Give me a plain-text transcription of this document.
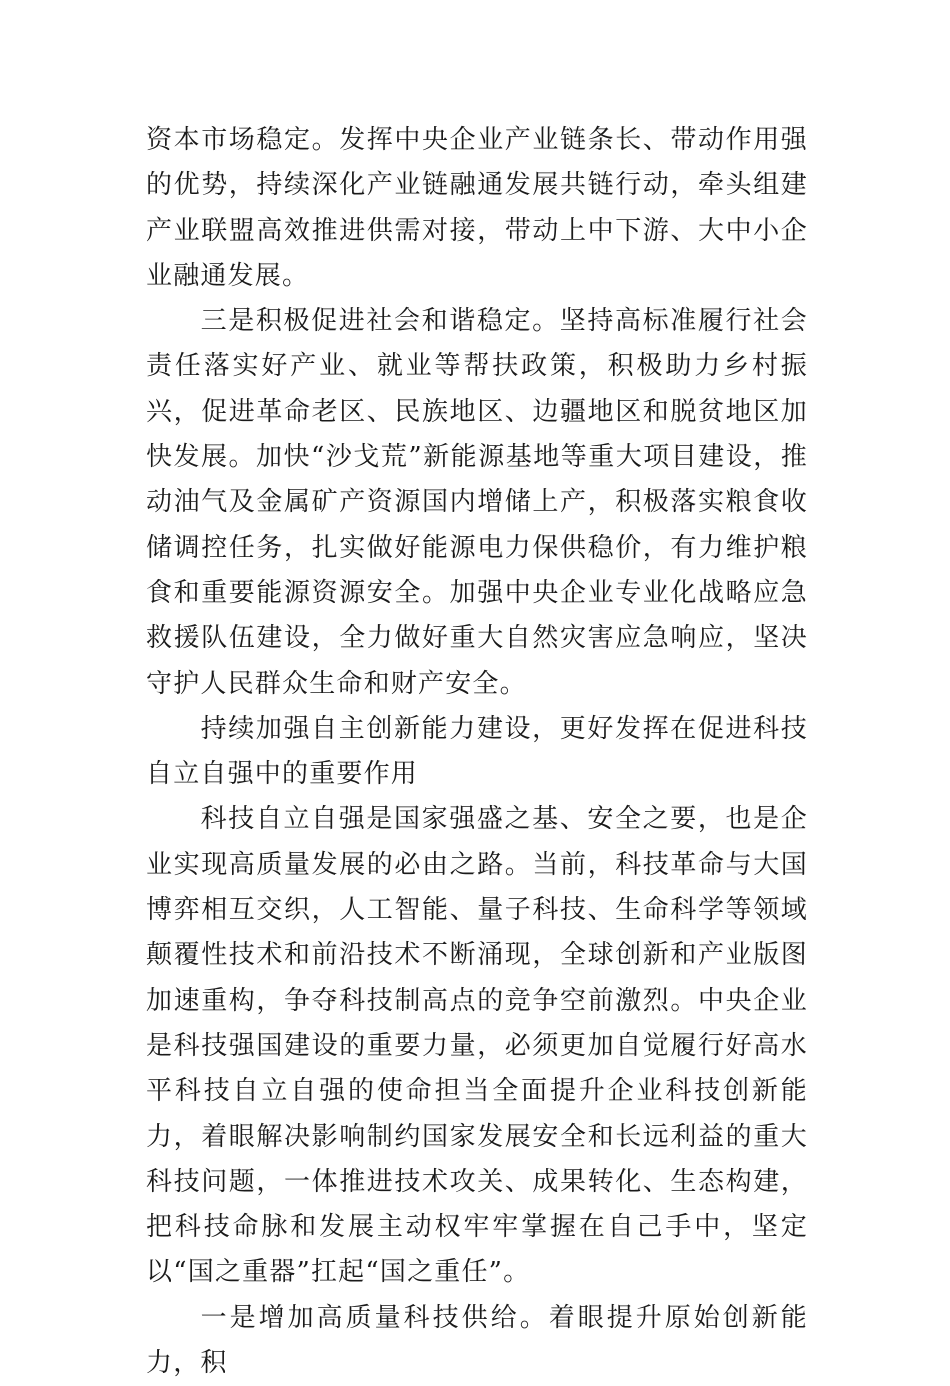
资本市场稳定。发挥中央企业产业链条长、带动作用强的优势，持续深化产业链融通发展共链行动，牵头组建产业联盟高效推进供需对接，带动上中下游、大中小企业融通发展。

三是积极促进社会和谐稳定。坚持高标准履行社会责任落实好产业、就业等帮扶政策，积极助力乡村振兴，促进革命老区、民族地区、边疆地区和脱贫地区加快发展。加快“沙戈荒”新能源基地等重大项目建设，推动油气及金属矿产资源国内增储上产，积极落实粮食收储调控任务，扎实做好能源电力保供稳价，有力维护粮食和重要能源资源安全。加强中央企业专业化战略应急救援队伍建设，全力做好重大自然灾害应急响应，坚决守护人民群众生命和财产安全。

持续加强自主创新能力建设，更好发挥在促进科技自立自强中的重要作用

科技自立自强是国家强盛之基、安全之要，也是企业实现高质量发展的必由之路。当前，科技革命与大国博弈相互交织，人工智能、量子科技、生命科学等领域颠覆性技术和前沿技术不断涌现，全球创新和产业版图加速重构，争夺科技制高点的竞争空前激烈。中央企业是科技强国建设的重要力量，必须更加自觉履行好高水平科技自立自强的使命担当全面提升企业科技创新能力，着眼解决影响制约国家发展安全和长远利益的重大科技问题，一体推进技术攻关、成果转化、生态构建，把科技命脉和发展主动权牢牢掌握在自己手中，坚定以“国之重器”扛起“国之重任”。

一是增加高质量科技供给。着眼提升原始创新能力，积
